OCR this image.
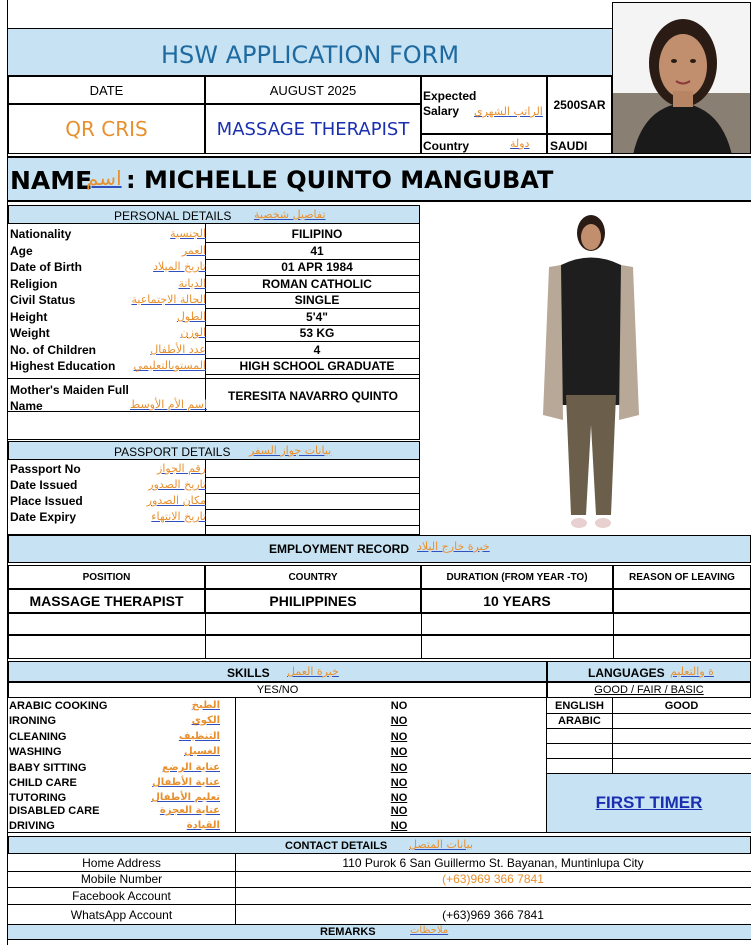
HSW APPLICATION FORM
DATE	AUGUST 2025
QR CRIS	MASSAGE THERAPIST
Expected Salary	الراتب الشهري 2500SAR
Country	دولة SAUDI
NAME
اسم : MICHELLE QUINTO MANGUBAT
PERSONAL DETAILS تفاصيل شخصية
Nationality	الجنسية	FILIPINO
Age	العمر	41
Date of Birth	تاريخ الميلاد	01 APR 1984
Religion	الديانة	ROMAN CATHOLIC
Civil Status	الحالة الاجتماعية	SINGLE
Height	الطول	5'4"
Weight	الوزن	53 KG
No. of Children	عدد الأطفال	4
Highest Education	المستوىالتعليمي	HIGH SCHOOL GRADUATE
Mother's Maiden Full Name	اسم الأم الأوسط
TERESITA NAVARRO QUINTO
PASSPORT DETAILS بيانات جواز السفر
Passport No	رقم الجواز
Date Issued	تاريخ الصدور
Place Issued	مكان الصدور
Date Expiry	تاريخ الانتهاء
EMPLOYMENT RECORD خبرة خارج البلاد
POSITION	COUNTRY	DURATION (FROM YEAR -TO)	REASON OF LEAVING
MASSAGE THERAPIST	PHILIPPINES	10 YEARS
SKILLS خبرة العمل
YES/NO
ARABIC COOKING	الطبخ	NO
IRONING	الكوي	NO
CLEANING	التنظيف	NO
WASHING	الغسيل	NO
BABY SITTING	عناية الرضع	NO
CHILD CARE	عناية الأطفال	NO
TUTORING	تعليم الأطفال	NO
DISABLED CARE	عناية العجزة	NO
DRIVING	القيادة	NO
LANGUAGES ة والتعليم
GOOD / FAIR / BASIC
ENGLISH	GOOD
ARABIC
FIRST TIMER
CONTACT DETAILS بيانات المتصل
Home Address	110 Purok 6 San Guillermo St. Bayanan, Muntinlupa City
Mobile Number	(+63)969 366 7841
Facebook Account
WhatsApp Account	(+63)969 366 7841
REMARKS	ملاحظات
